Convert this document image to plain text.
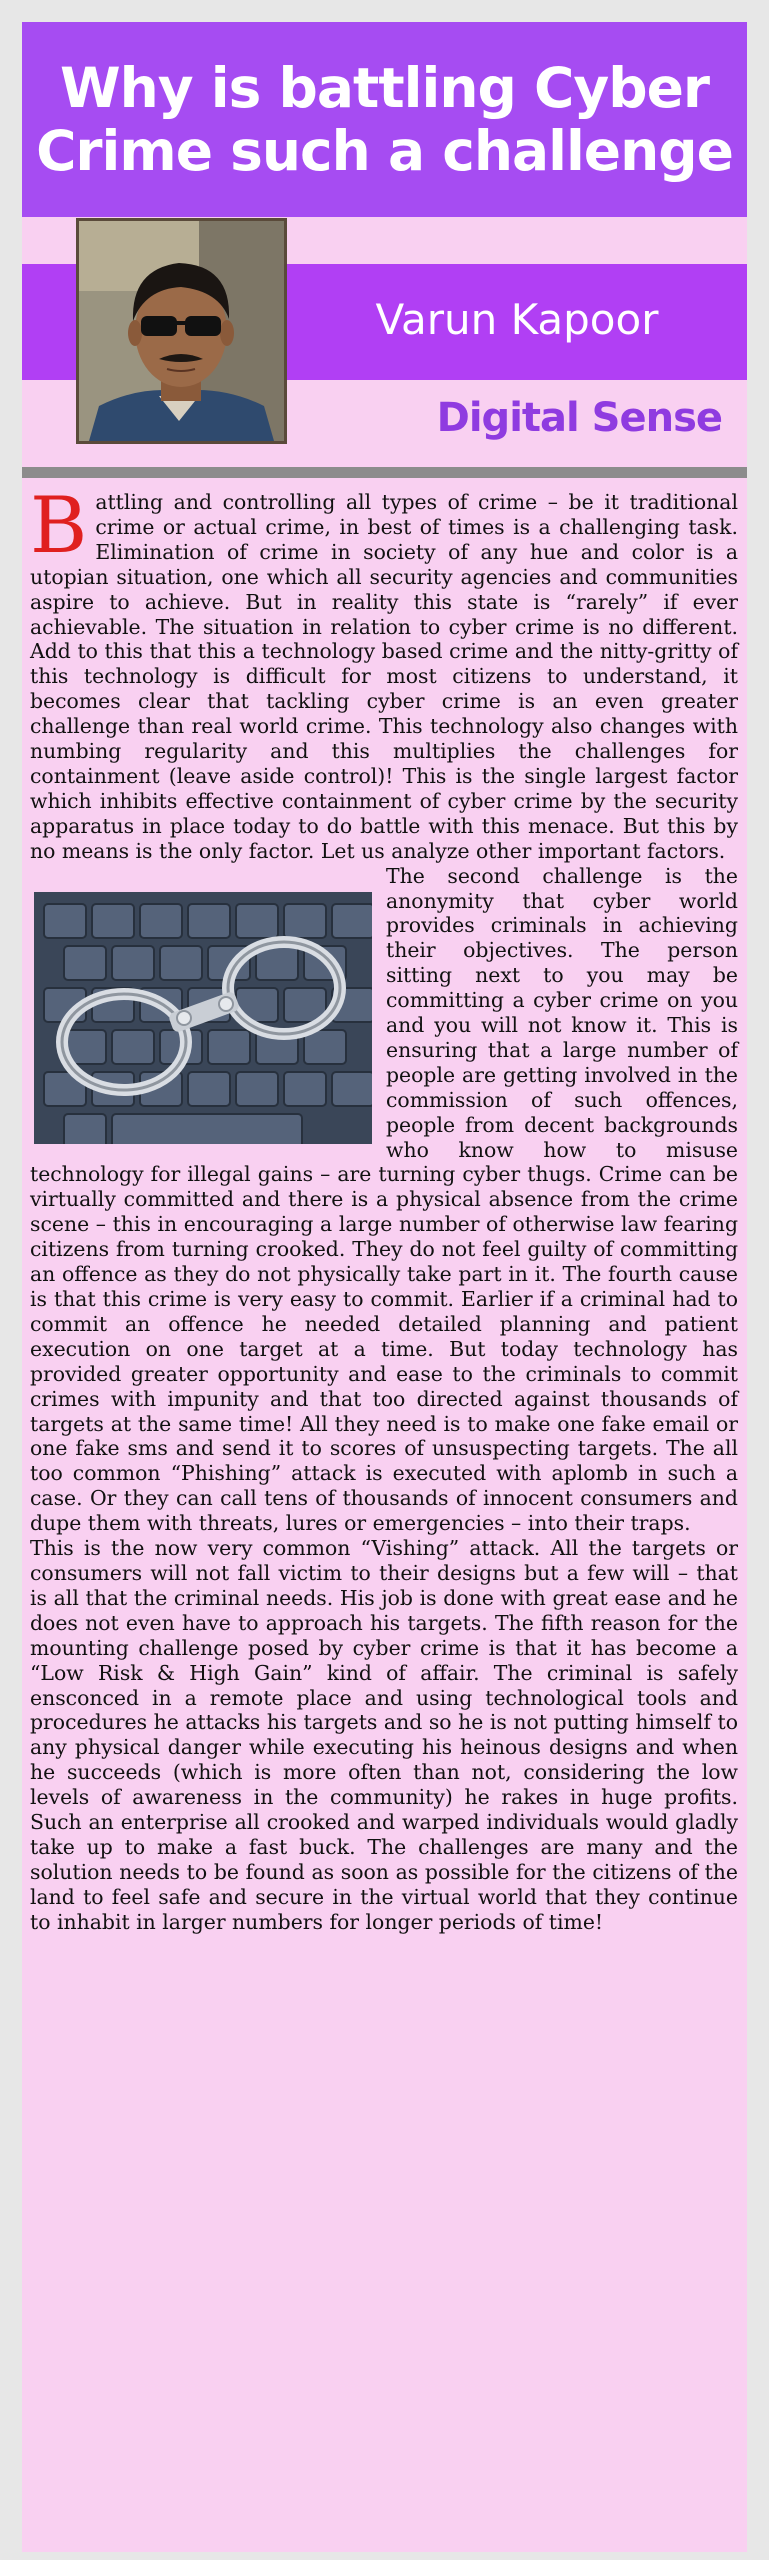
Why is battling Cyber Crime such a challenge
Varun Kapoor
Digital Sense

Battling and controlling all types of crime – be it traditional crime or actual crime, in best of times is a challenging task. Elimination of crime in society of any hue and color is a utopian situation, one which all security agencies and communities aspire to achieve. But in reality this state is “rarely” if ever achievable. The situation in relation to cyber crime is no different. Add to this that this a technology based crime and the nitty-gritty of this technology is difficult for most citizens to understand, it becomes clear that tackling cyber crime is an even greater challenge than real world crime. This technology also changes with numbing regularity and this multiplies the challenges for containment (leave aside control)! This is the single largest factor which inhibits effective containment of cyber crime by the security apparatus in place today to do battle with this menace. But this by no means is the only factor. Let us analyze other important factors.

The second challenge is the anonymity that cyber world provides criminals in achieving their objectives. The person sitting next to you may be committing a cyber crime on you and you will not know it. This is ensuring that a large number of people are getting involved in the commission of such offences, people from decent backgrounds who know how to misuse technology for illegal gains – are turning cyber thugs. Crime can be virtually committed and there is a physical absence from the crime scene – this in encouraging a large number of otherwise law fearing citizens from turning crooked. They do not feel guilty of committing an offence as they do not physically take part in it. The fourth cause is that this crime is very easy to commit. Earlier if a criminal had to commit an offence he needed detailed planning and patient execution on one target at a time. But today technology has provided greater opportunity and ease to the criminals to commit crimes with impunity and that too directed against thousands of targets at the same time! All they need is to make one fake email or one fake sms and send it to scores of unsuspecting targets. The all too common “Phishing” attack is executed with aplomb in such a case. Or they can call tens of thousands of innocent consumers and dupe them with threats, lures or emergencies – into their traps.

This is the now very common “Vishing” attack. All the targets or consumers will not fall victim to their designs but a few will – that is all that the criminal needs. His job is done with great ease and he does not even have to approach his targets. The fifth reason for the mounting challenge posed by cyber crime is that it has become a “Low Risk & High Gain” kind of affair. The criminal is safely ensconced in a remote place and using technological tools and procedures he attacks his targets and so he is not putting himself to any physical danger while executing his heinous designs and when he succeeds (which is more often than not, considering the low levels of awareness in the community) he rakes in huge profits. Such an enterprise all crooked and warped individuals would gladly take up to make a fast buck. The challenges are many and the solution needs to be found as soon as possible for the citizens of the land to feel safe and secure in the virtual world that they continue to inhabit in larger numbers for longer periods of time!
